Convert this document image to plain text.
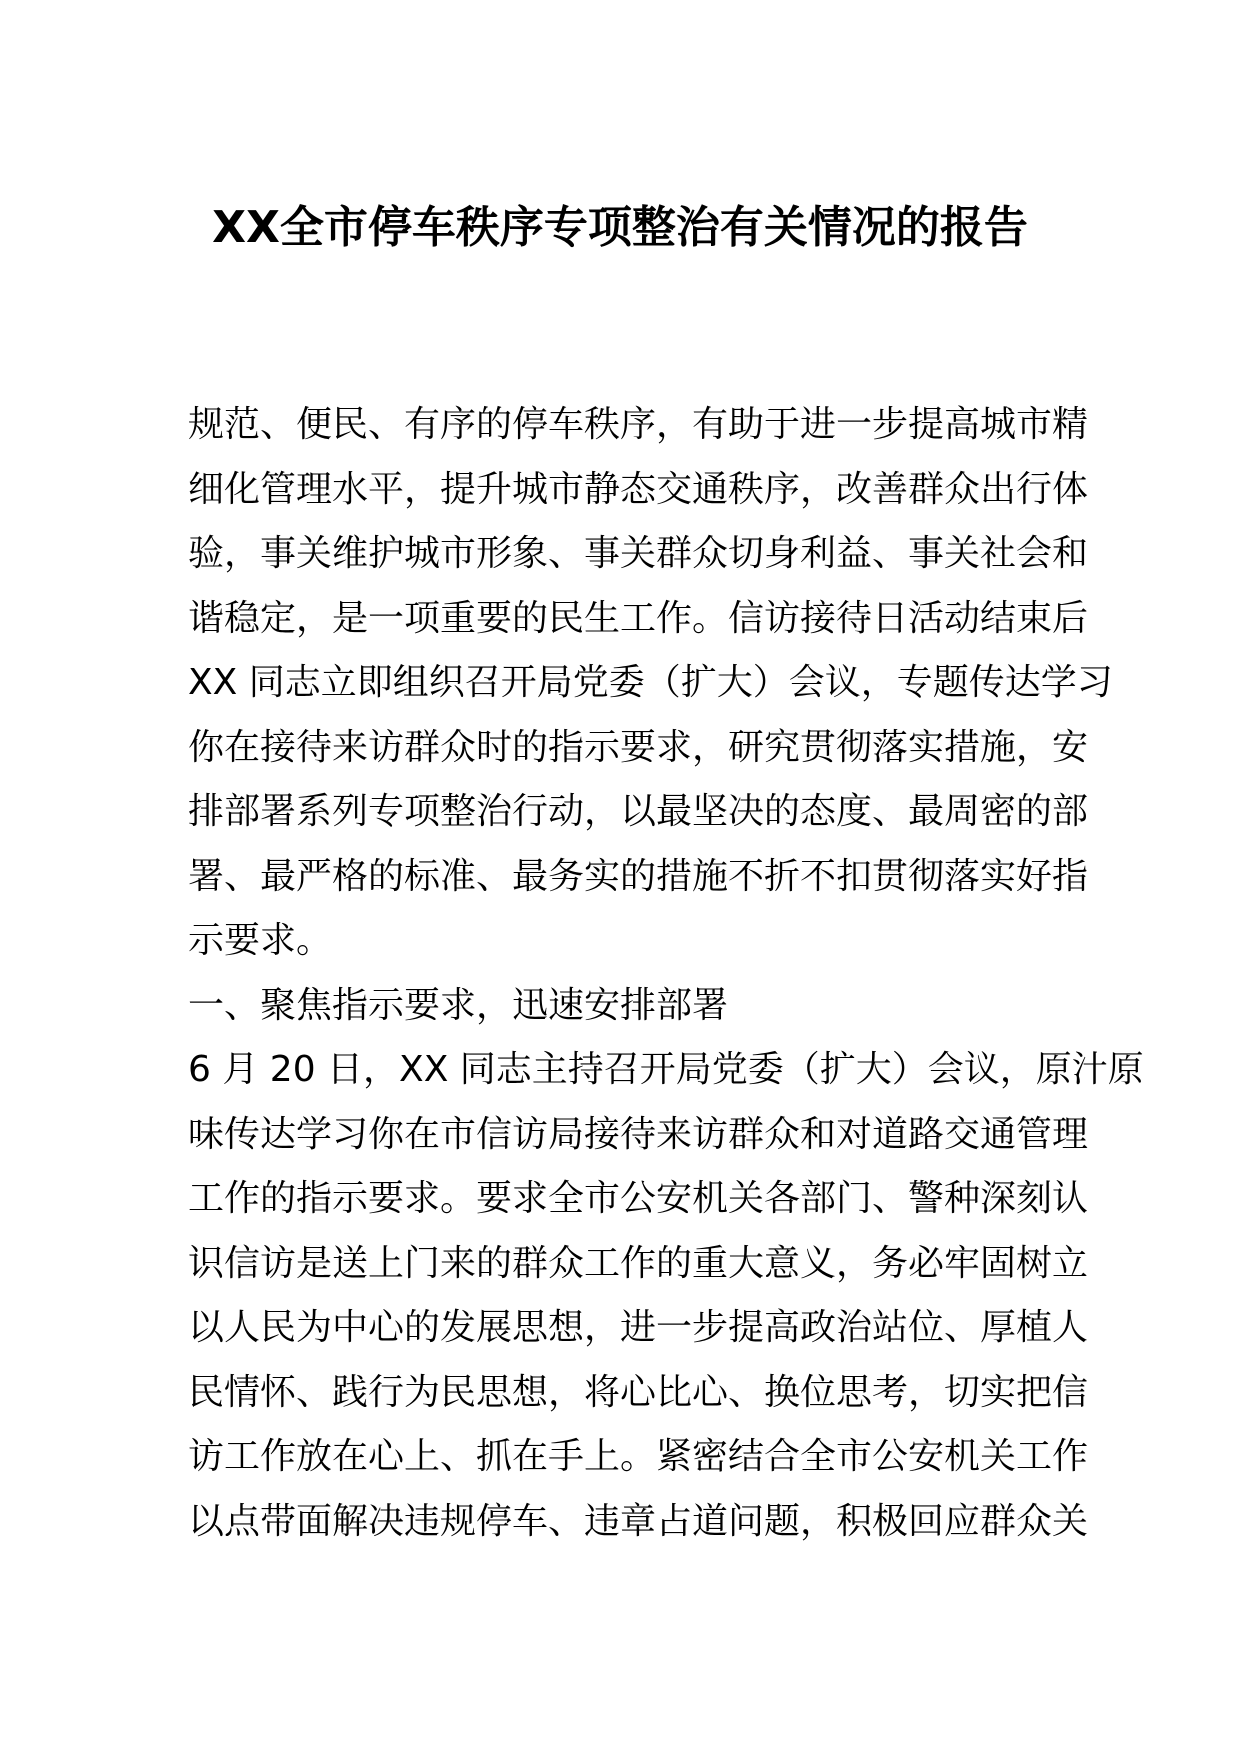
XX全市停车秩序专项整治有关情况的报告
规范、便民、有序的停车秩序，有助于进一步提高城市精
细化管理水平，提升城市静态交通秩序，改善群众出行体
验，事关维护城市形象、事关群众切身利益、事关社会和
谐稳定，是一项重要的民生工作。信访接待日活动结束后
XX 同志立即组织召开局党委（扩大）会议，专题传达学习
你在接待来访群众时的指示要求，研究贯彻落实措施，安
排部署系列专项整治行动，以最坚决的态度、最周密的部
署、最严格的标准、最务实的措施不折不扣贯彻落实好指
示要求。
一、聚焦指示要求，迅速安排部署
6 月 20 日，XX 同志主持召开局党委（扩大）会议，原汁原
味传达学习你在市信访局接待来访群众和对道路交通管理
工作的指示要求。要求全市公安机关各部门、警种深刻认
识信访是送上门来的群众工作的重大意义，务必牢固树立
以人民为中心的发展思想，进一步提高政治站位、厚植人
民情怀、践行为民思想，将心比心、换位思考，切实把信
访工作放在心上、抓在手上。紧密结合全市公安机关工作
以点带面解决违规停车、违章占道问题，积极回应群众关
